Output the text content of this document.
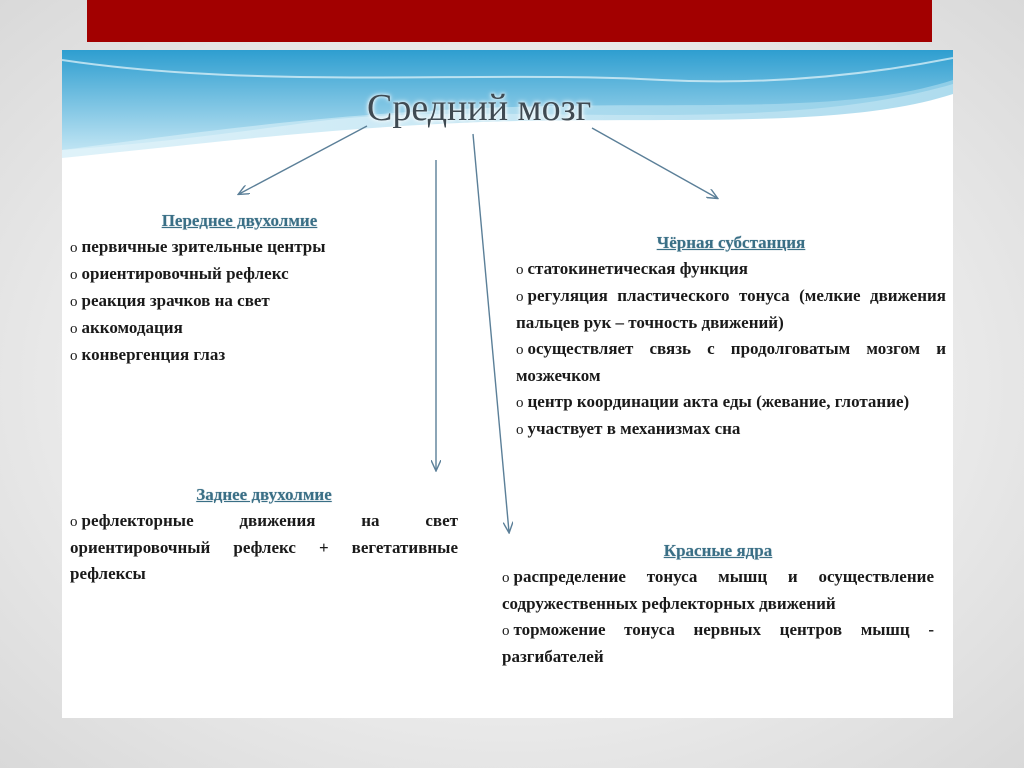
Средний мозг
Переднее двухолмие
o первичные зрительные центры
o ориентировочный рефлекс
o реакция зрачков на свет
o аккомодация
o конвергенция глаз
Заднее двухолмие
o рефлекторные движения на свет ориентировочный рефлекс + вегетативные рефлексы
Чёрная субстанция
o статокинетическая функция
o регуляция пластического тонуса (мелкие движения пальцев рук – точность движений)
o осуществляет связь с продолговатым мозгом и мозжечком
o центр координации акта еды (жевание, глотание)
o участвует в механизмах сна
Красные ядра
o распределение тонуса мышц и осуществление содружественных рефлекторных движений
o торможение тонуса нервных центров мышц - разгибателей
